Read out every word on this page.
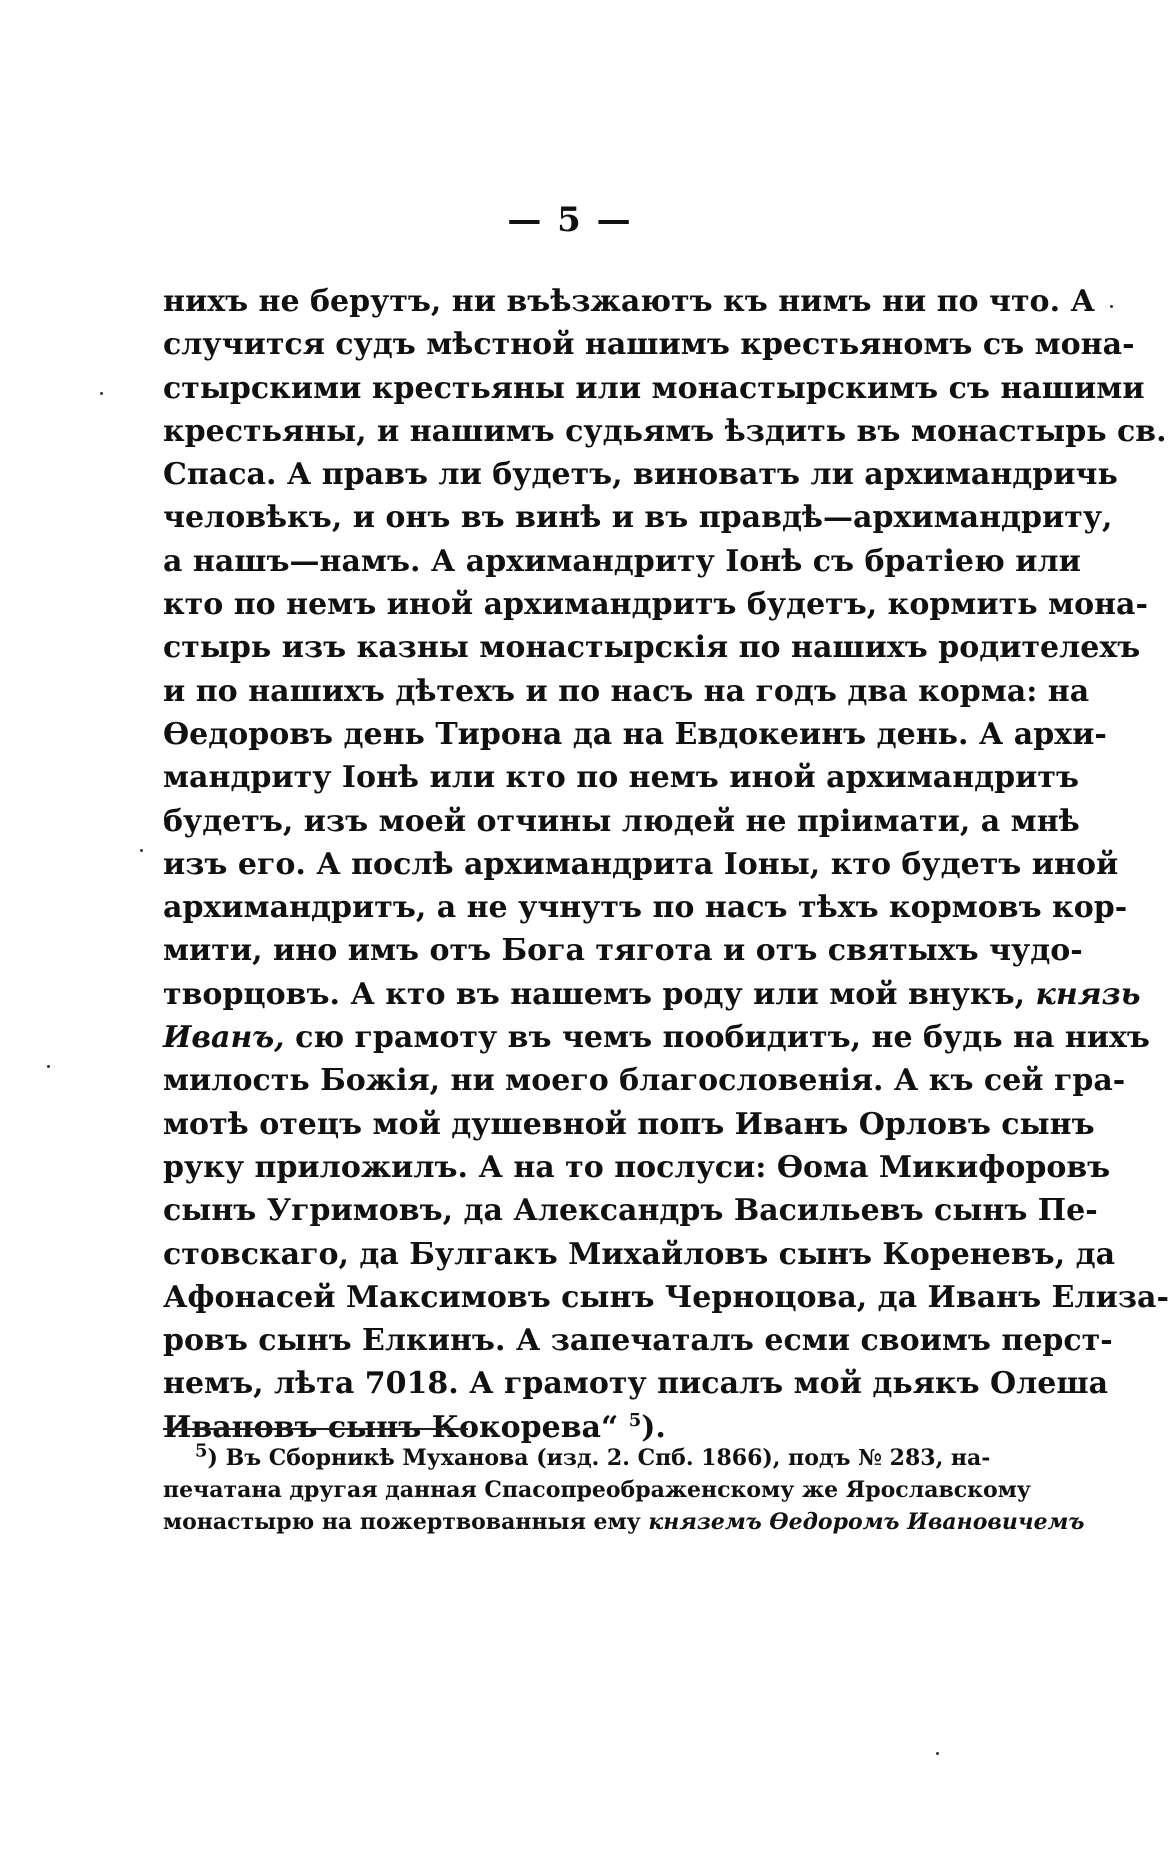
— 5 —
нихъ не берутъ, ни въѣзжаютъ къ нимъ ни по что. А
случится судъ мѣстной нашимъ крестьяномъ съ мона-
стырскими крестьяны или монастырскимъ съ нашими
крестьяны, и нашимъ судьямъ ѣздить въ монастырь св.
Спаса. А правъ ли будетъ, виноватъ ли архимандричь
человѣкъ, и онъ въ винѣ и въ правдѣ—архимандриту,
а нашъ—намъ. А архимандриту Іонѣ съ братіею или
кто по немъ иной архимандритъ будетъ, кормить мона-
стырь изъ казны монастырскія по нашихъ родителехъ
и по нашихъ дѣтехъ и по насъ на годъ два корма: на
Ѳедоровъ день Тирона да на Евдокеинъ день. А архи-
мандриту Іонѣ или кто по немъ иной архимандритъ
будетъ, изъ моей отчины людей не пріимати, а мнѣ
изъ его. А послѣ архимандрита Іоны, кто будетъ иной
архимандритъ, а не учнутъ по насъ тѣхъ кормовъ кор-
мити, ино имъ отъ Бога тягота и отъ святыхъ чудо-
творцовъ. А кто въ нашемъ роду или мой внукъ, князь
Иванъ, сю грамоту въ чемъ пообидитъ, не будь на нихъ
милость Божія, ни моего благословенія. А къ сей гра-
мотѣ отецъ мой душевной попъ Иванъ Орловъ сынъ
руку приложилъ. А на то послуси: Ѳома Микифоровъ
сынъ Угримовъ, да Александръ Васильевъ сынъ Пе-
стовскаго, да Булгакъ Михайловъ сынъ Кореневъ, да
Афонасей Максимовъ сынъ Черноцова, да Иванъ Елиза-
ровъ сынъ Елкинъ. А запечаталъ есми своимъ перст-
немъ, лѣта 7018. А грамоту писалъ мой дьякъ Олеша
Ивановъ сынъ Кокорева“ $^5$).
$^5$) Въ Сборникѣ Муханова (изд. 2. Спб. 1866), подъ № 283, на-
печатана другая данная Спасопреображенскому же Ярославскому
монастырю на пожертвованныя ему княземъ Ѳедоромъ Ивановичемъ
